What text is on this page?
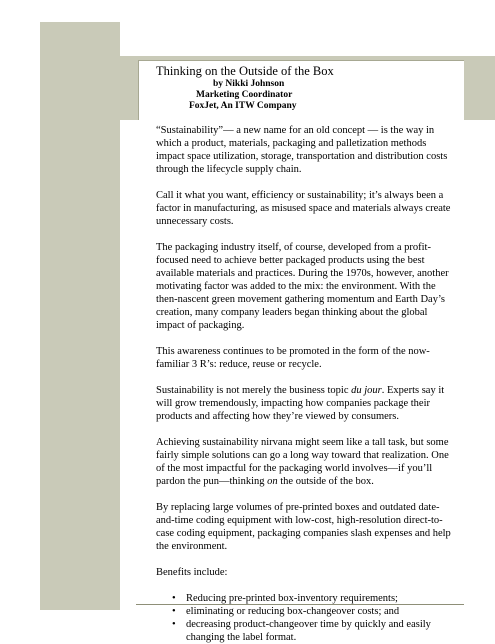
Thinking on the Outside of the Box
by Nikki Johnson
Marketing Coordinator
FoxJet, An ITW Company

“Sustainability”— a new name for an old concept — is the way in which a product, materials, packaging and palletization methods impact space utilization, storage, transportation and distribution costs through the lifecycle supply chain.

Call it what you want, efficiency or sustainability; it’s always been a factor in manufacturing, as misused space and materials always create unnecessary costs.

The packaging industry itself, of course, developed from a profit-focused need to achieve better packaged products using the best available materials and practices. During the 1970s, however, another motivating factor was added to the mix: the environment. With the then-nascent green movement gathering momentum and Earth Day’s creation, many company leaders began thinking about the global impact of packaging.

This awareness continues to be promoted in the form of the now-familiar 3 R’s: reduce, reuse or recycle.

Sustainability is not merely the business topic du jour. Experts say it will grow tremendously, impacting how companies package their products and affecting how they’re viewed by consumers.

Achieving sustainability nirvana might seem like a tall task, but some fairly simple solutions can go a long way toward that realization. One of the most impactful for the packaging world involves—if you’ll pardon the pun—thinking on the outside of the box.

By replacing large volumes of pre-printed boxes and outdated date-and-time coding equipment with low-cost, high-resolution direct-to-case coding equipment, packaging companies slash expenses and help the environment.

Benefits include:

• Reducing pre-printed box-inventory requirements;
• eliminating or reducing box-changeover costs; and
• decreasing product-changeover time by quickly and easily changing the label format.
